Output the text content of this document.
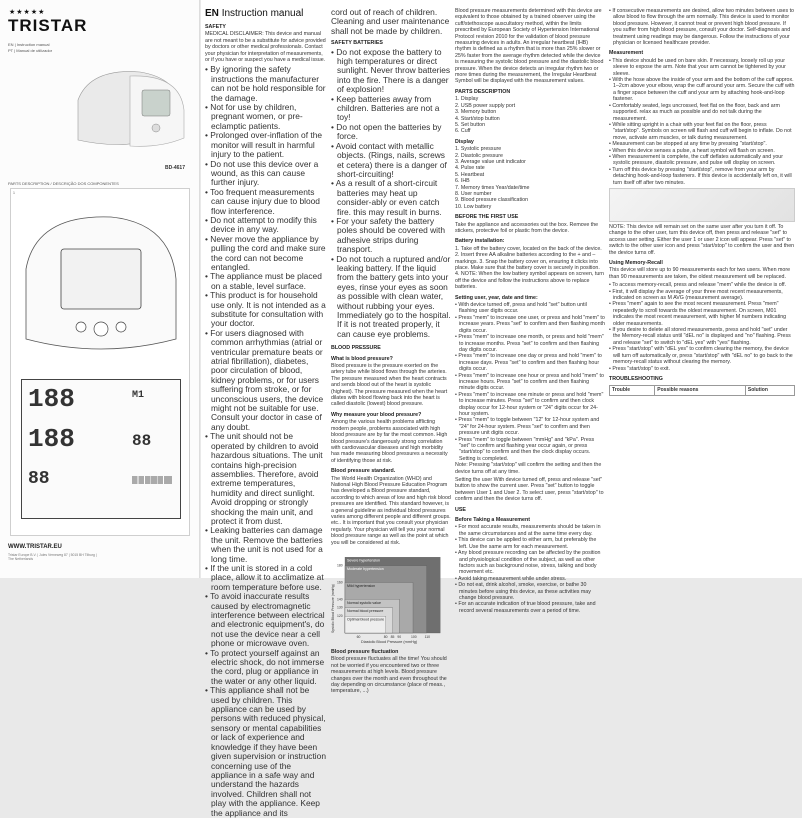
★★★★★
TRISTAR
EN | Instruction manual
PT | Manual de utilizador
BD-4617
PARTS DESCRIPTION / DESCRIÇÃO DOS COMPONENTES
1
188
188
88
M1
88
WWW.TRISTAR.EU
Tristar Europe B.V. | Jules Verneweg 87 | 5015 BH Tilburg | The Netherlands
EN Instruction manual
SAFETY

MEDICAL DISCLAIMER: This device and manual are not meant to be a substitute for advice provided by doctors or other medical professionals. Contact your physician for interpretation of measurements, or if you have or suspect you have a medical issue.

• By ignoring the safety instructions the manufacturer can not be hold responsible for the damage.
• Not for use by children, pregnant women, or pre-eclamptic patients.
• Prolonged over-inflation of the monitor will result in harmful injury to the patient.
• Do not use this device over a wound, as this can cause further injury.
• Too frequent measurements can cause injury due to blood flow interference.
• Do not attempt to modify this device in any way.
• Never move the appliance by pulling the cord and make sure the cord can not become entangled.
• The appliance must be placed on a stable, level surface.
• This product is for household use only. It is not intended as a substitute for consultation with your doctor.
• For users diagnosed with common arrhythmias (atrial or ventricular premature beats or atrial fibrillation), diabetes, poor circulation of blood, kidney problems, or for users suffering from stroke, or for unconscious users, the device might not be suitable for use. Consult your doctor in case of any doubt.
• The unit should not be operated by children to avoid hazardous situations. The unit contains high-precision assemblies. Therefore, avoid extreme temperatures, humidity and direct sunlight. Avoid dropping or strongly shocking the main unit, and protect it from dust.
• Leaking batteries can damage the unit. Remove the batteries when the unit is not used for a long time.
• If the unit is stored in a cold place, allow it to acclimatize at room temperature before use.
• To avoid inaccurate results caused by electromagnetic interference between electrical and electronic equipment's, do not use the device near a cell phone or microwave oven.
• To protect yourself against an electric shock, do not immerse the cord, plug or appliance in the water or any other liquid.
• This appliance shall not be used by children. This appliance can be used by persons with reduced physical, sensory or mental capabilities or lack of experience and knowledge if they have been given supervision or instruction concerning use of the appliance in a safe way and understand the hazards involved. Children shall not play with the appliance. Keep the appliance and its

cord out of reach of children. Cleaning and user maintenance shall not be made by children.

SAFETY BATTERIES
• Do not expose the battery to high temperatures or direct sunlight. Never throw batteries into the fire. There is a danger of explosion!
• Keep batteries away from children. Batteries are not a toy!
• Do not open the batteries by force.
• Avoid contact with metallic objects. (Rings, nails, screws et cetera) there is a danger of short-circuiting!
• As a result of a short-circuit batteries may heat up consider-ably or even catch fire. this may result in burns.
• For your safety the battery poles should be covered with adhesive strips during transport.
• Do not touch a ruptured and/or leaking battery. If the liquid from the battery gets into your eyes, rinse your eyes as soon as possible with clean water, without rubbing your eyes. Immediately go to the hospital. If it is not treated properly, it can cause eye problems.
BLOOD PRESSURE
What is blood pressure?

Blood pressure is the pressure exerted on the artery tube while blood flows through the arteries. The pressure measured when the heart contracts and sends blood out of the heart is systolic (highest). The pressure measured when the heart dilates with blood flowing back into the heart is called diastolic (lowest) blood pressure.

Why measure your blood pressure?

Among the various health problems afflicting modern people, problems associated with high blood pressure are by far the most common. High blood pressure's dangerously strong correlation with cardiovascular diseases and high morbidity has made measuring blood pressures a necessity of identifying those at risk.

Blood pressure standard.

The World Health Organization (WHO) and National High Blood Pressure Education Program has developed a Blood pressure standard, according to which areas of low and high risk blood pressures are identified. This standard however, is a general guideline as individual blood pressures varies among different people and different groups. etc.. It is important that you consult your physician regularly. Your physician will tell you your normal blood pressure range as well as the point at which you will be considered at risk.

Severe hypertension
Moderate hypertension
Mild hypertension
Normal systolic value
Normal blood pressure
Optimal blood pressure
60	80 85 90	100 110
180
160
140
130
120
Diastolic Blood Pressure (mmHg)
Systolic Blood Pressure (mmHg)
Blood pressure fluctuation

Blood pressure fluctuates all the time! You should not be worried if you encountered two or three measurements at high levels. Blood pressure changes over the month and even throughout the day depending on circumstance (place of meas., temperature, ...)

Blood pressure measurements determined with this device are equivalent to those obtained by a trained observer using the cuff/stethoscope auscultatory method, within the limits prescribed by European Society of Hypertension International Protocol revision 2010 for the validation of blood pressure measuring devices in adults. An irregular heartbeat (IHB) rhythm is defined as a rhythm that is more than 25% slower or 25% faster from the average rhythm detected while the device is measuring the systolic blood pressure and the diastolic blood pressure. When the device detects an irregular rhythm two or more times during the measurement, the Irregular Heartbeat Symbol will be displayed with the measurement values.

PARTS DESCRIPTION
1. Display
2. USB power supply port
3. Memory button
4. Start/stop button
5. Set button
6. Cuff
Display
1. Systolic pressure
2. Diastolic pressure
3. Average value unit indicator
4. Pulse rate
5. Heartbeat
6. IHB
7. Memory times Year/date/time
8. User number
9. Blood pressure classification
10. Low battery
BEFORE THE FIRST USE

Take the appliance and accessories out the box. Remove the stickers, protective foil or plastic from the device.

Battery installation:

1. Take off the battery cover, located on the back of the device. 2. Insert three AA alkaline batteries according to the + and – markings. 3. Snap the battery cover on, ensuring it clicks into place. Make sure that the battery cover is securely in position. 4. NOTE: When the low battery symbol appears on screen, turn off the device and follow the instructions above to replace batteries.

Setting user, year, date and time:
• With device turned off, press and hold "set" button until flashing user digits occur.
• Press "mem" to increase one user, or press and hold "mem" to increase years. Press "set" to confirm and then flashing month digits occur.
• Press "mem" to increase one month, or press and hold "mem" to increase months. Press "set" to confirm and then flashing day digits occur.
• Press "mem" to increase one day or press and hold "mem" to increase days. Press "set" to confirm and then flashing hour digits occur.
• Press "mem" to increase one hour or press and hold "mem" to increase hours. Press "set" to confirm and then flashing minute digits occur.
• Press "mem" to increase one minute or press and hold "mem" to increase minutes. Press "set" to confirm and then clock display occur for 12-hour system or "24" digits occur for 24-hour system.
• Press "mem" to toggle between "12" for 12-hour system and "24" for 24-hour system. Press "set" to confirm and then pressure unit digits occur.
• Press "mem" to toggle between "mmHg" and "kPa". Press "set" to confirm and flashing year occur again, or press "start/stop" to confirm and then the clock display occurs. Setting is completed.

Note: Pressing "start/stop" will confirm the setting and then the device turns off at any time.

Setting the user With device turned off, press and release "set" button to show the current user. Press "set" button to toggle between User 1 and User 2. To select user, press "start/stop" to confirm and then the device turns off.

USE
Before Taking a Measurement
• For most accurate results, measurements should be taken in the same circumstances and at the same time every day.
• This device can be applied to either arm, but preferably the left. Use the same arm for each measurement.
• Any blood pressure recording can be affected by the position and physiological condition of the subject, as well as other factors such as background noise, stress, talking and body movement etc.
• Avoid taking measurement while under stress.
• Do not eat, drink alcohol, smoke, exercise, or bathe 30 minutes before using this device, as these activities may change blood pressure.
• For an accurate indication of true blood pressure, take and record several measurements over a period of time.
• If consecutive measurements are desired, allow two minutes between uses to allow blood to flow through the arm normally. This device is used to monitor blood pressure. However, it cannot treat or prevent high blood pressure. If you suffer from high blood pressure, consult your doctor. Self-diagnosis and treatment using readings may be dangerous. Follow the instructions of your physician or licensed healthcare provider.
Measurement
• This device should be used on bare skin. If necessary, loosely roll up your sleeve to expose the arm. Note that your arm cannot be tightened by your sleeve.
• With the hose above the inside of your arm and the bottom of the cuff approx. 1–2cm above your elbow, wrap the cuff around your arm. Secure the cuff with a finger space between the cuff and your arm by attaching hook-and-loop fastener.
• Comfortably seated, legs uncrossed, feet flat on the floor, back and arm supported. relax as much as possible and do not talk during the measurement.
• While sitting upright in a chair with your feet flat on the floor, press "start/stop". Symbols on screen will flash and cuff will begin to inflate. Do not move, activate arm muscles, or talk during measurement.
• Measurement can be stopped at any time by pressing "start/stop".
• When this device senses a pulse, a heart symbol will flash on screen.
• When measurement is complete, the cuff deflates automatically and your systolic pressure, diastolic pressure, and pulse will display on screen.
• Turn off this device by pressing "start/stop", remove from your arm by detaching hook-and-loop fasteners. If this device is accidentally left on, it will turn itself off after two minutes.

NOTE: This device will remain set on the same user after you turn it off. To change to the other user, turn this device off, then press and release "set" to access user setting. Either the user 1 or user 2 icon will appear. Press "set" to switch to the other user icon and press "start/stop" to confirm the user and then the device turns off.

Using Memory-Recall

This device will store up to 90 measurements each for two users. When more than 90 measurements are taken, the oldest measurement will be replaced.

• To access memory-recall, press and release "mem" while the device is off.
• First, it will display the average of your three most recent measurements, indicated on screen as M AVG (measurement average).
• Press "mem" again to see the most recent measurement. Press "mem" repeatedly to scroll towards the oldest measurement. On screen, M01 indicates the most recent measurement, with higher M numbers indicating older measurements.
• If you desire to delete all stored measurements, press and hold "set" under the Memory-recall status until "dEL no" is displayed and "no" flashing. Press and release "set" to switch to "dEL yes" with "yes" flashing.
• Press "start/stop" with "dEL yes" to confirm clearing the memory, the device will turn off automatically or, press "start/stop" with "dEL no" to go back to the memory-recall status without clearing the memory.
• Press "start/stop" to exit.
TROUBLESHOOTING
Trouble	Possible reasons	Solution
